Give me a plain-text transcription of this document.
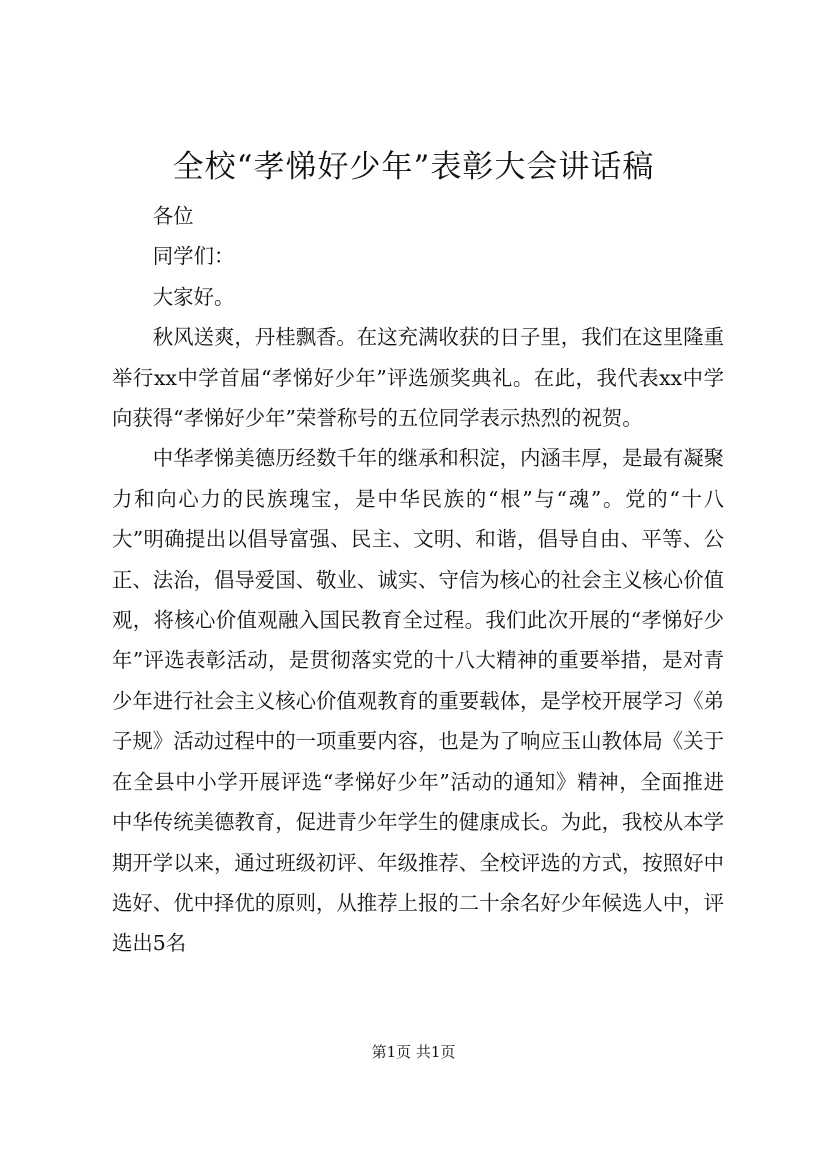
全校“孝悌好少年”表彰大会讲话稿

各位

同学们：

大家好。

秋风送爽，丹桂飘香。在这充满收获的日子里，我们在这里隆重举行xx中学首届“孝悌好少年”评选颁奖典礼。在此，我代表xx中学向获得“孝悌好少年”荣誉称号的五位同学表示热烈的祝贺。

中华孝悌美德历经数千年的继承和积淀，内涵丰厚，是最有凝聚力和向心力的民族瑰宝，是中华民族的“根”与“魂”。党的“十八大”明确提出以倡导富强、民主、文明、和谐，倡导自由、平等、公正、法治，倡导爱国、敬业、诚实、守信为核心的社会主义核心价值观，将核心价值观融入国民教育全过程。我们此次开展的“孝悌好少年”评选表彰活动，是贯彻落实党的十八大精神的重要举措，是对青少年进行社会主义核心价值观教育的重要载体，是学校开展学习《弟子规》活动过程中的一项重要内容，也是为了响应玉山教体局《关于在全县中小学开展评选“孝悌好少年”活动的通知》精神，全面推进中华传统美德教育，促进青少年学生的健康成长。为此，我校从本学期开学以来，通过班级初评、年级推荐、全校评选的方式，按照好中选好、优中择优的原则，从推荐上报的二十余名好少年候选人中，评选出5名

第1页 共1页
